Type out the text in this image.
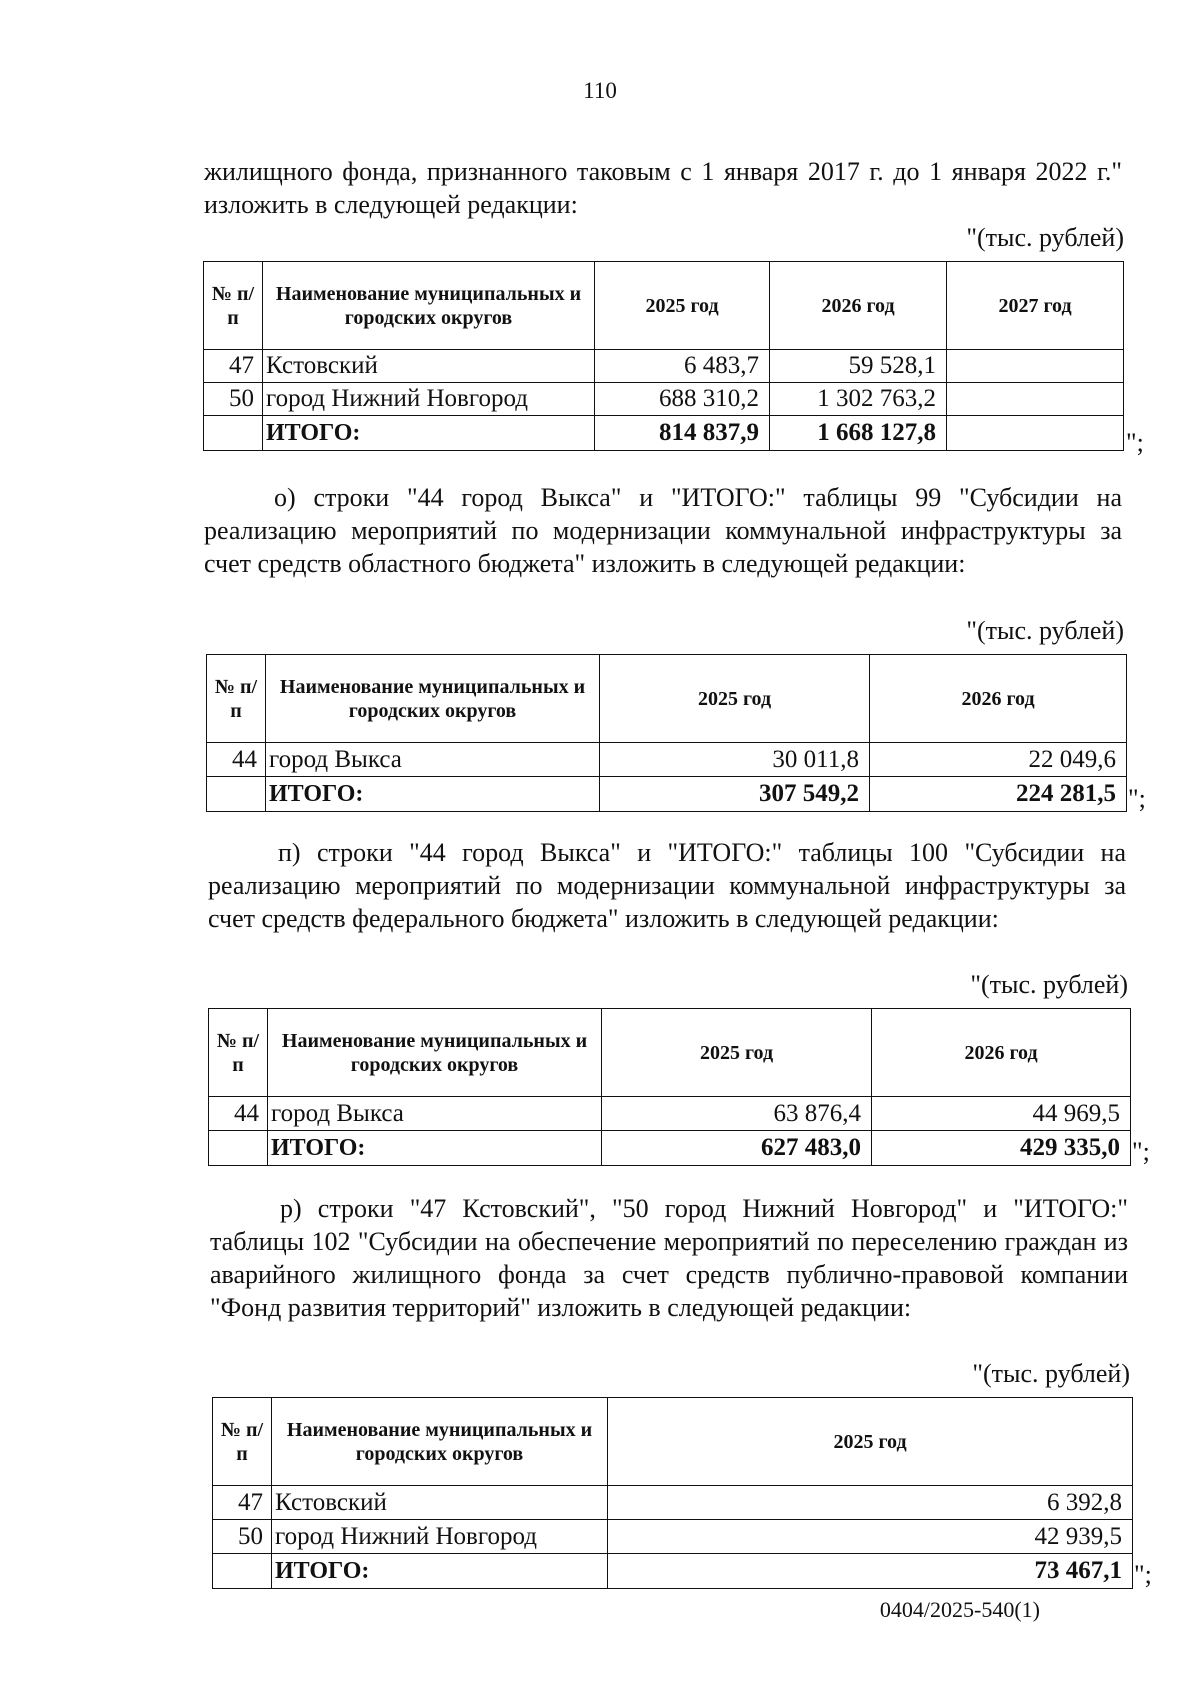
110
жилищного фонда, признанного таковым с 1 января 2017 г. до 1 января 2022 г." изложить в следующей редакции:
"(тыс. рублей)
№ п/п	Наименование муниципальных и городских округов	2025 год	2026 год	2027 год
47	Кстовский	6 483,7	59 528,1	
50	город Нижний Новгород	688 310,2	1 302 763,2	
	ИТОГО:	814 837,9	1 668 127,8		";
о) строки "44 город Выкса" и "ИТОГО:" таблицы 99 "Субсидии на реализацию мероприятий по модернизации коммунальной инфраструктуры за счет средств областного бюджета" изложить в следующей редакции:
"(тыс. рублей)
№ п/п	Наименование муниципальных и городских округов	2025 год	2026 год
44	город Выкса	30 011,8	22 049,6
	ИТОГО:	307 549,2	224 281,5 ";
п) строки "44 город Выкса" и "ИТОГО:" таблицы 100 "Субсидии на реализацию мероприятий по модернизации коммунальной инфраструктуры за счет средств федерального бюджета" изложить в следующей редакции:
"(тыс. рублей)
№ п/п	Наименование муниципальных и городских округов	2025 год	2026 год
44	город Выкса	63 876,4	44 969,5
	ИТОГО:	627 483,0	429 335,0 ";
р) строки "47 Кстовский", "50 город Нижний Новгород" и "ИТОГО:" таблицы 102 "Субсидии на обеспечение мероприятий по переселению граждан из аварийного жилищного фонда за счет средств публично-правовой компании "Фонд развития территорий" изложить в следующей редакции:
"(тыс. рублей)
№ п/п	Наименование муниципальных и городских округов	2025 год
47	Кстовский	6 392,8
50	город Нижний Новгород	42 939,5
	ИТОГО:	73 467,1 ";
0404/2025-540(1)
